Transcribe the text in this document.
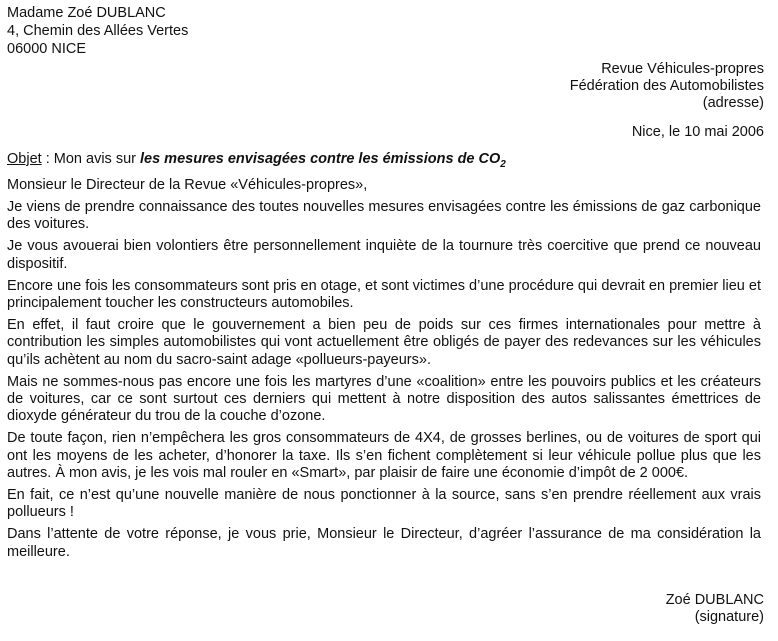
Madame Zoé DUBLANC
4, Chemin des Allées Vertes
06000 NICE
Revue Véhicules-propres
Fédération des Automobilistes
(adresse)
Nice, le 10 mai 2006
Objet : Mon avis sur les mesures envisagées contre les émissions de $CO_2$

Monsieur le Directeur de la Revue «Véhicules-propres»,

Je viens de prendre connaissance des toutes nouvelles mesures envisagées contre les émissions de gaz carbonique des voitures.

Je vous avouerai bien volontiers être personnellement inquiète de la tournure très coercitive que prend ce nouveau dispositif.

Encore une fois les consommateurs sont pris en otage, et sont victimes d’une procédure qui devrait en premier lieu et principalement toucher les constructeurs automobiles.

En effet, il faut croire que le gouvernement a bien peu de poids sur ces firmes internationales pour mettre à contribution les simples automobilistes qui vont actuellement être obligés de payer des redevances sur les véhicules qu’ils achètent au nom du sacro-saint adage «pollueurs-payeurs».

Mais ne sommes-nous pas encore une fois les martyres d’une «coalition» entre les pouvoirs publics et les créateurs de voitures, car ce sont surtout ces derniers qui mettent à notre disposition des autos salissantes émettrices de dioxyde générateur du trou de la couche d’ozone.

De toute façon, rien n’empêchera les gros consommateurs de 4X4, de grosses berlines, ou de voitures de sport qui ont les moyens de les acheter, d’honorer la taxe. Ils s’en fichent complètement si leur véhicule pollue plus que les autres. À mon avis, je les vois mal rouler en «Smart», par plaisir de faire une économie d’impôt de 2 000€.

En fait, ce n’est qu’une nouvelle manière de nous ponctionner à la source, sans s’en prendre réellement aux vrais pollueurs !

Dans l’attente de votre réponse, je vous prie, Monsieur le Directeur, d’agréer l’assurance de ma considération la meilleure.

Zoé DUBLANC
(signature)
